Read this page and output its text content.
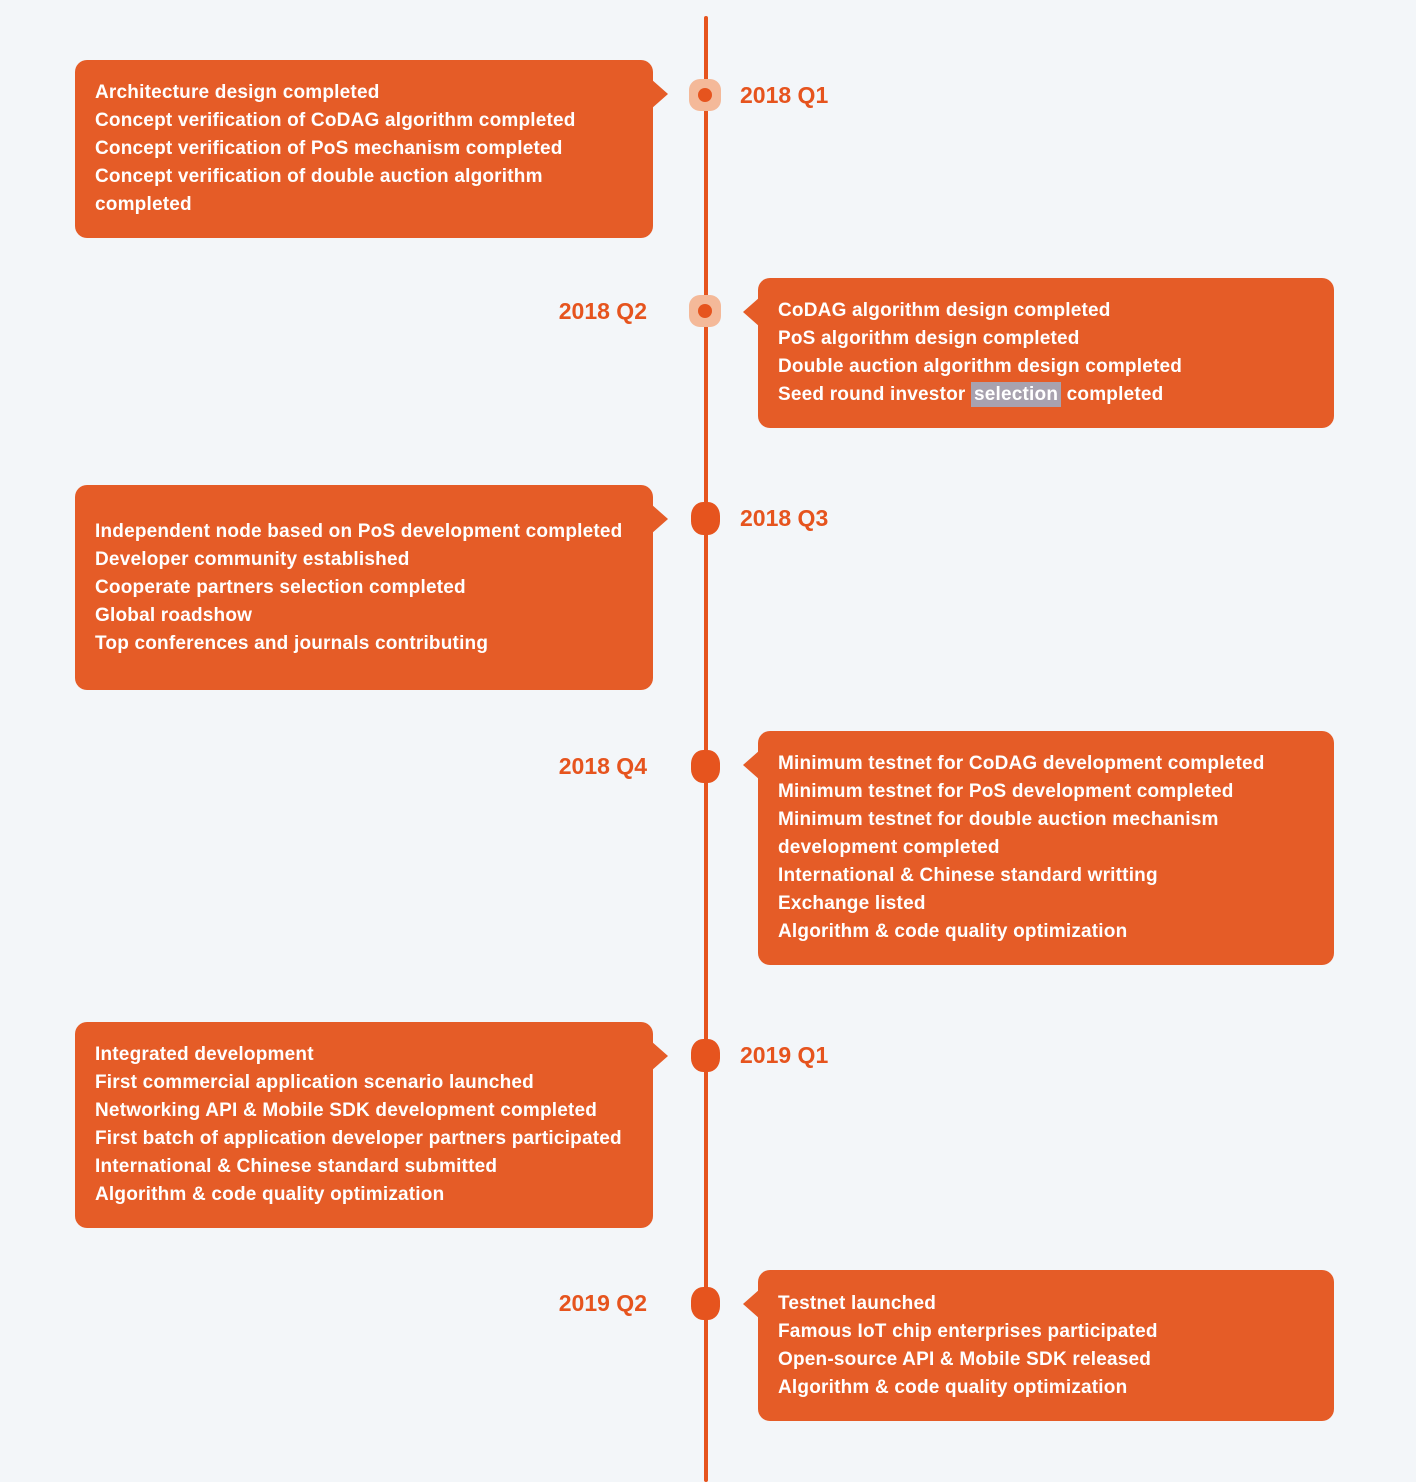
Architecture design completed
Concept verification of CoDAG algorithm completed
Concept verification of PoS mechanism completed
Concept verification of double auction algorithm completed
2018 Q1
CoDAG algorithm design completed
PoS algorithm design completed
Double auction algorithm design completed
Seed round investor selection completed
2018 Q2
Independent node based on PoS development completed
Developer community established
Cooperate partners selection completed
Global roadshow
Top conferences and journals contributing
2018 Q3
Minimum testnet for CoDAG development completed
Minimum testnet for PoS development completed
Minimum testnet for double auction mechanism development completed
International & Chinese standard writting
Exchange listed
Algorithm & code quality optimization
2018 Q4
Integrated development
First commercial application scenario launched
Networking API & Mobile SDK development completed
First batch of application developer partners participated
International & Chinese standard submitted
Algorithm & code quality optimization
2019 Q1
Testnet launched
Famous IoT chip enterprises participated
Open-source API & Mobile SDK released
Algorithm & code quality optimization
2019 Q2
